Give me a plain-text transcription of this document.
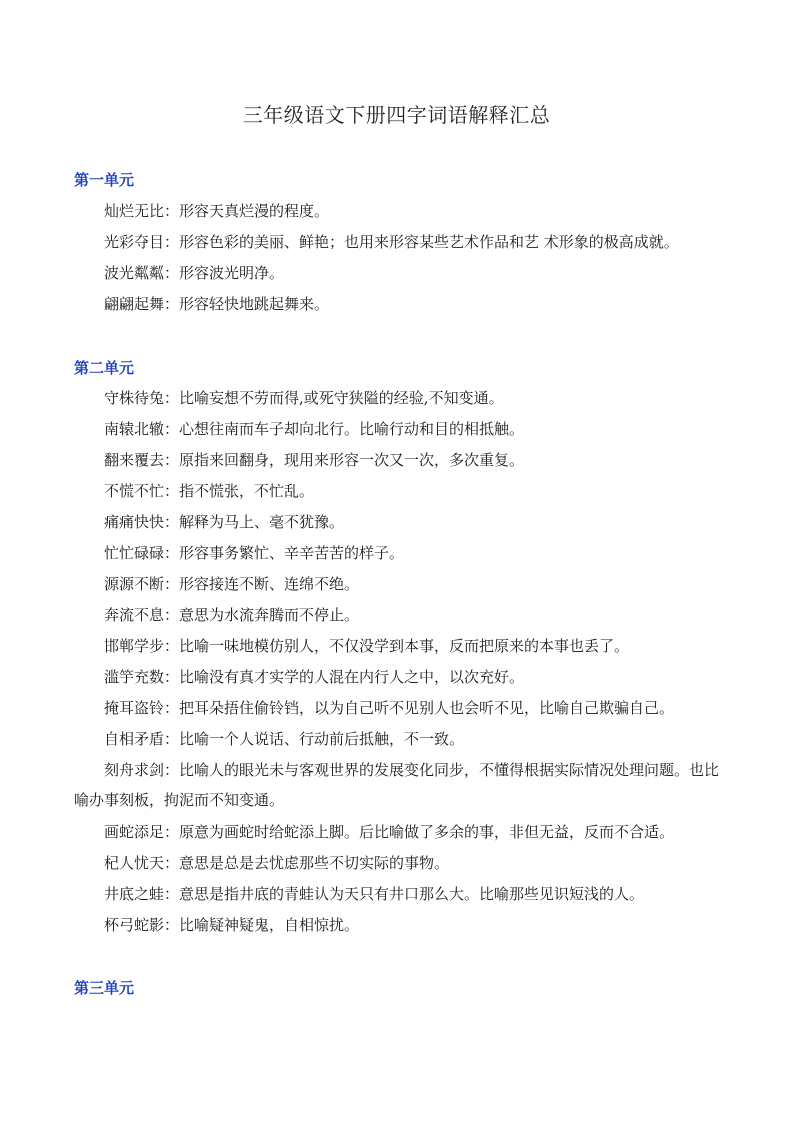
三年级语文下册四字词语解释汇总
第一单元
灿烂无比：形容天真烂漫的程度。
光彩夺目：形容色彩的美丽、鲜艳；也用来形容某些艺术作品和艺 术形象的极高成就。
波光粼粼：形容波光明净。
翩翩起舞：形容轻快地跳起舞来。
第二单元
守株待兔：比喻妄想不劳而得,或死守狭隘的经验,不知变通。
南辕北辙：心想往南而车子却向北行。比喻行动和目的相抵触。
翻来覆去：原指来回翻身，现用来形容一次又一次，多次重复。
不慌不忙：指不慌张，不忙乱。
痛痛快快：解释为马上、毫不犹豫。
忙忙碌碌：形容事务繁忙、辛辛苦苦的样子。
源源不断：形容接连不断、连绵不绝。
奔流不息：意思为水流奔腾而不停止。
邯郸学步：比喻一味地模仿别人，不仅没学到本事，反而把原来的本事也丢了。
滥竽充数：比喻没有真才实学的人混在内行人之中，以次充好。
掩耳盗铃：把耳朵捂住偷铃铛，以为自己听不见别人也会听不见，比喻自己欺骗自己。
自相矛盾：比喻一个人说话、行动前后抵触，不一致。
刻舟求剑：比喻人的眼光未与客观世界的发展变化同步，不懂得根据实际情况处理问题。也比喻办事刻板，拘泥而不知变通。
画蛇添足：原意为画蛇时给蛇添上脚。后比喻做了多余的事，非但无益，反而不合适。
杞人忧天：意思是总是去忧虑那些不切实际的事物。
井底之蛙：意思是指井底的青蛙认为天只有井口那么大。比喻那些见识短浅的人。
杯弓蛇影：比喻疑神疑鬼，自相惊扰。
第三单元
